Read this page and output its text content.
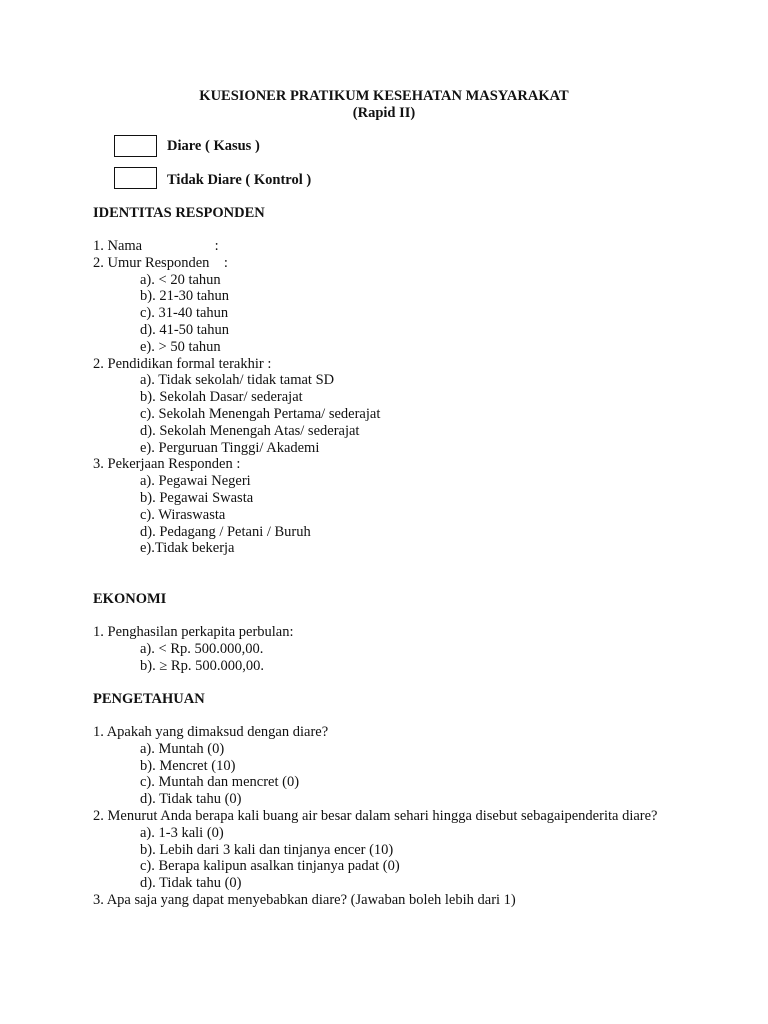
KUESIONER PRATIKUM KESEHATAN MASYARAKAT
(Rapid II)
Diare ( Kasus )
Tidak Diare ( Kontrol )
IDENTITAS RESPONDEN
1. Nama                    :
2. Umur Responden    :
a). < 20 tahun
b). 21-30 tahun
c). 31-40 tahun
d). 41-50 tahun
e). > 50 tahun
2. Pendidikan formal terakhir :
a). Tidak sekolah/ tidak tamat SD
b). Sekolah Dasar/ sederajat
c). Sekolah Menengah Pertama/ sederajat
d). Sekolah Menengah Atas/ sederajat
e). Perguruan Tinggi/ Akademi
3. Pekerjaan Responden :
a). Pegawai Negeri
b). Pegawai Swasta
c). Wiraswasta
d). Pedagang / Petani / Buruh
e).Tidak bekerja
EKONOMI
1. Penghasilan perkapita perbulan:
a). < Rp. 500.000,00.
b). ≥ Rp. 500.000,00.
PENGETAHUAN
1. Apakah yang dimaksud dengan diare?
a). Muntah (0)
b). Mencret (10)
c). Muntah dan mencret (0)
d). Tidak tahu (0)
2. Menurut Anda berapa kali buang air besar dalam sehari hingga disebut sebagaipenderita diare?
a). 1-3 kali (0)
b). Lebih dari 3 kali dan tinjanya encer (10)
c). Berapa kalipun asalkan tinjanya padat (0)
d). Tidak tahu (0)
3. Apa saja yang dapat menyebabkan diare? (Jawaban boleh lebih dari 1)
